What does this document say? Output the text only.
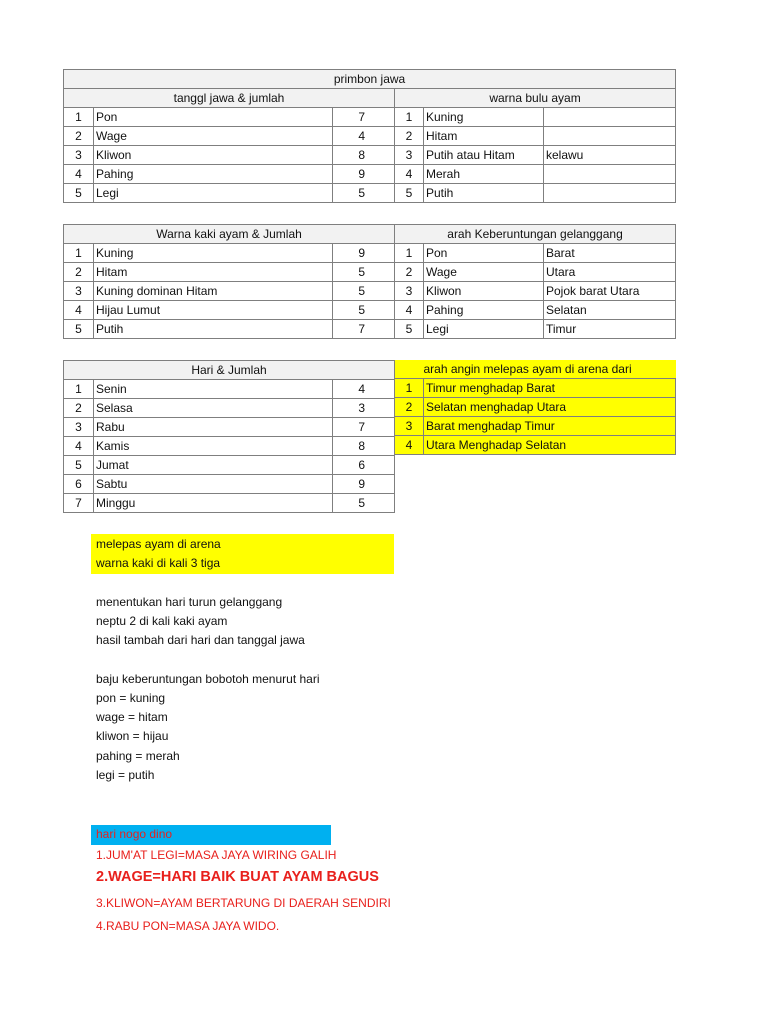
primbon jawa					
tanggl jawa & jumlah			warna bulu ayam		
1	Pon	7	1	Kuning	
2	Wage	4	2	Hitam	
3	Kliwon	8	3	Putih atau Hitam	kelawu
4	Pahing	9	4	Merah	
5	Legi	5	5	Putih	
Warna kaki ayam & Jumlah			arah Keberuntungan gelanggang		
1	Kuning	9	1	Pon	Barat
2	Hitam	5	2	Wage	Utara
3	Kuning dominan Hitam	5	3	Kliwon	Pojok barat Utara
4	Hijau Lumut	5	4	Pahing	Selatan
5	Putih	7	5	Legi	Timur
Hari & Jumlah		
1	Senin	4
2	Selasa	3
3	Rabu	7
4	Kamis	8
5	Jumat	6
6	Sabtu	9
7	Minggu	5
	arah angin melepas ayam di arena dari
1	Timur menghadap Barat
2	Selatan menghadap Utara
3	Barat menghadap Timur
4	Utara Menghadap Selatan
melepas ayam di arena
warna kaki di kali 3 tiga
menentukan hari turun gelanggang
neptu 2 di kali kaki ayam
hasil tambah dari hari dan tanggal jawa
baju keberuntungan bobotoh menurut hari
pon = kuning
wage = hitam
kliwon = hijau
pahing = merah
legi = putih
hari nogo dino
1.JUM'AT LEGI=MASA JAYA WIRING GALIH
2.WAGE=HARI BAIK BUAT AYAM BAGUS
3.KLIWON=AYAM BERTARUNG DI DAERAH SENDIRI
4.RABU PON=MASA JAYA WIDO.
